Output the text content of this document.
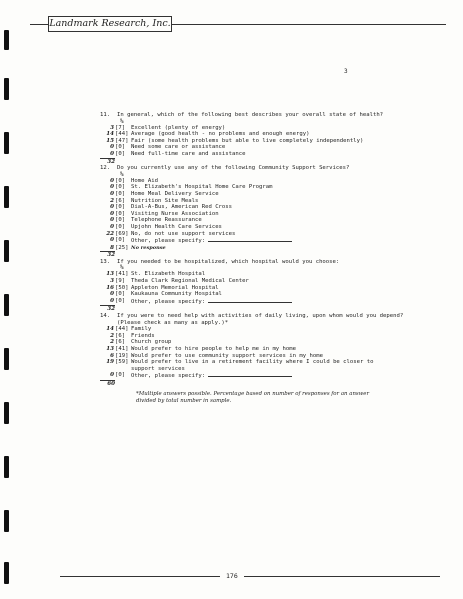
Landmark Research, Inc.
3
11.	In general, which of the following best describes your overall state of health?
%
3 [7]	Excellent (plenty of energy)
14 [44] Average (good health - no problems and enough energy)
15 [47] Fair (some health problems but able to live completely independently)
0 [0]	Need some care or assistance
0 [0]	Need full-time care and assistance
32
12.	Do you currently use any of the following Community Support Services?
%
0 [0]	Home Aid
0 [0]	St. Elizabeth's Hospital Home Care Program
0 [0]	Home Meal Delivery Service
2 [6]	Nutrition Site Meals
0 [0]	Dial-A-Bus, American Red Cross
0 [0]	Visiting Nurse Association
0 [0]	Telephone Reassurance
0 [0]	Upjohn Health Care Services
22 [69] No, do not use support services
0 [0]	Other, please specify:
8 [25] No response
32
13.	If you needed to be hospitalized, which hospital would you choose:
%
13 [41] St. Elizabeth Hospital
3 [9]	Theda Clark Regional Medical Center
16 [50] Appleton Memorial Hospital
0 [0]	Kaukauna Community Hospital
0 [0]	Other, please specify:
32
14.	If you were to need help with activities of daily living, upon whom would you depend? (Please check as many as apply.)*
14 [44] Family
2 [6]	Friends
2 [6]	Church group
13 [41] Would prefer to hire people to help me in my home
6 [19] Would prefer to use community support services in my home
19 [59] Would prefer to live in a retirement facility where I could be closer to support services
0 [0]	Other, please specify:
60
*Multiple answers possible. Percentage based on number of responses for an answer divided by total number in sample.
176
